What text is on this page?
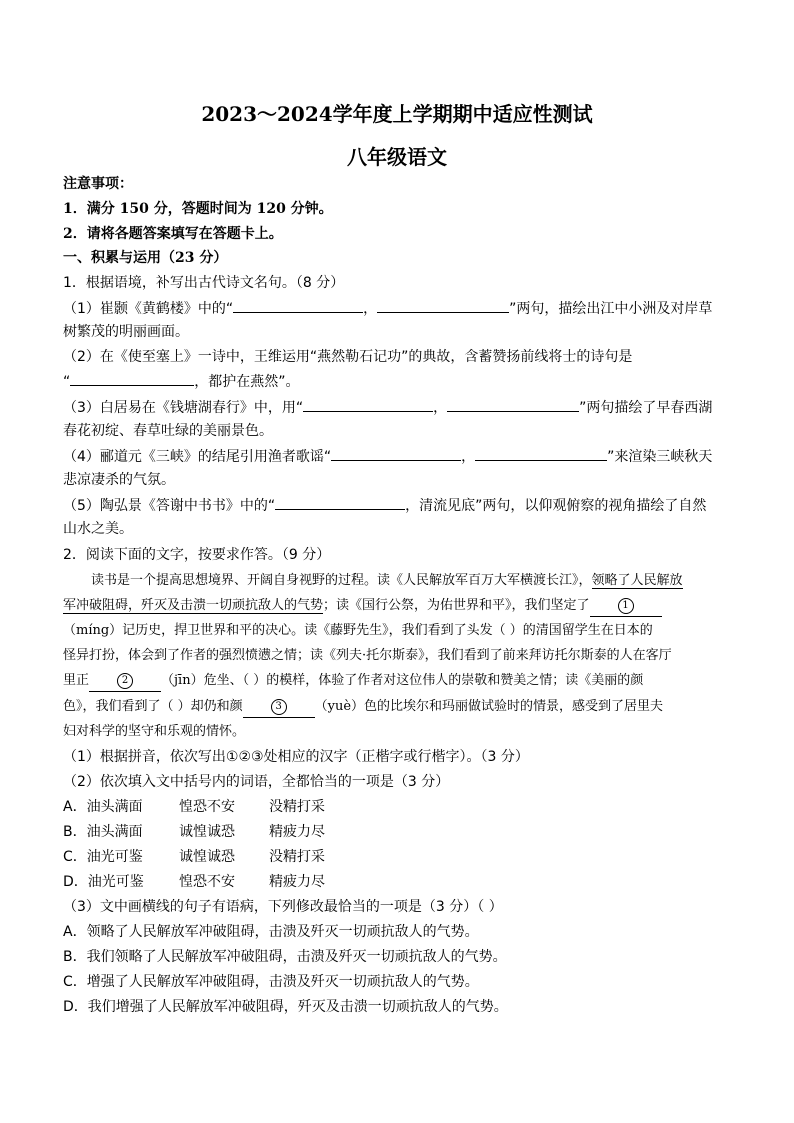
2023～2024学年度上学期期中适应性测试
八年级语文
注意事项：
1．满分 150 分，答题时间为 120 分钟。
2．请将各题答案填写在答题卡上。
一、积累与运用（23 分）
1．根据语境，补写出古代诗文名句。（8 分）
（1）崔颢《黄鹤楼》中的“	，	”两句，描绘出江中小洲及对岸草
树繁茂的明丽画面。
（2）在《使至塞上》一诗中，王维运用“燕然勒石记功”的典故，含蓄赞扬前线将士的诗句是
“	，都护在燕然”。
（3）白居易在《钱塘湖春行》中，用“	，	”两句描绘了早春西湖
春花初绽、春草吐绿的美丽景色。
（4）郦道元《三峡》的结尾引用渔者歌谣“	，	”来渲染三峡秋天
悲凉凄杀的气氛。
（5）陶弘景《答谢中书书》中的“	，清流见底”两句，以仰观俯察的视角描绘了自然
山水之美。
2．阅读下面的文字，按要求作答。（9 分）
读书是一个提高思想境界、开阔自身视野的过程。读《人民解放军百万大军横渡长江》，领略了人民解放
军冲破阻碍，歼灭及击溃一切顽抗敌人的气势；读《国行公祭，为佑世界和平》，我们坚定了	1
（míng）记历史，捍卫世界和平的决心。读《藤野先生》，我们看到了头发（ ）的清国留学生在日本的
怪异打扮，体会到了作者的强烈愤懑之情；读《列夫·托尔斯泰》，我们看到了前来拜访托尔斯泰的人在客厅
里正	2	（jīn）危坐、（ ）的模样，体验了作者对这位伟人的崇敬和赞美之情；读《美丽的颜
色》，我们看到了（ ）却仍和颜	3	（yuè）色的比埃尔和玛丽做试验时的情景，感受到了居里夫
妇对科学的坚守和乐观的情怀。
（1）根据拼音，依次写出①②③处相应的汉字（正楷字或行楷字）。（3 分）
（2）依次填入文中括号内的词语，全都恰当的一项是（3 分）
A．油头满面	惶恐不安 没精打采
B．油头满面	诚惶诚恐 精疲力尽
C．油光可鉴	诚惶诚恐 没精打采
D．油光可鉴	惶恐不安 精疲力尽
（3）文中画横线的句子有语病，下列修改最恰当的一项是（3 分）（ ）
A．领略了人民解放军冲破阻碍，击溃及歼灭一切顽抗敌人的气势。
B．我们领略了人民解放军冲破阻碍，击溃及歼灭一切顽抗敌人的气势。
C．增强了人民解放军冲破阻碍，击溃及歼灭一切顽抗敌人的气势。
D．我们增强了人民解放军冲破阻碍，歼灭及击溃一切顽抗敌人的气势。
